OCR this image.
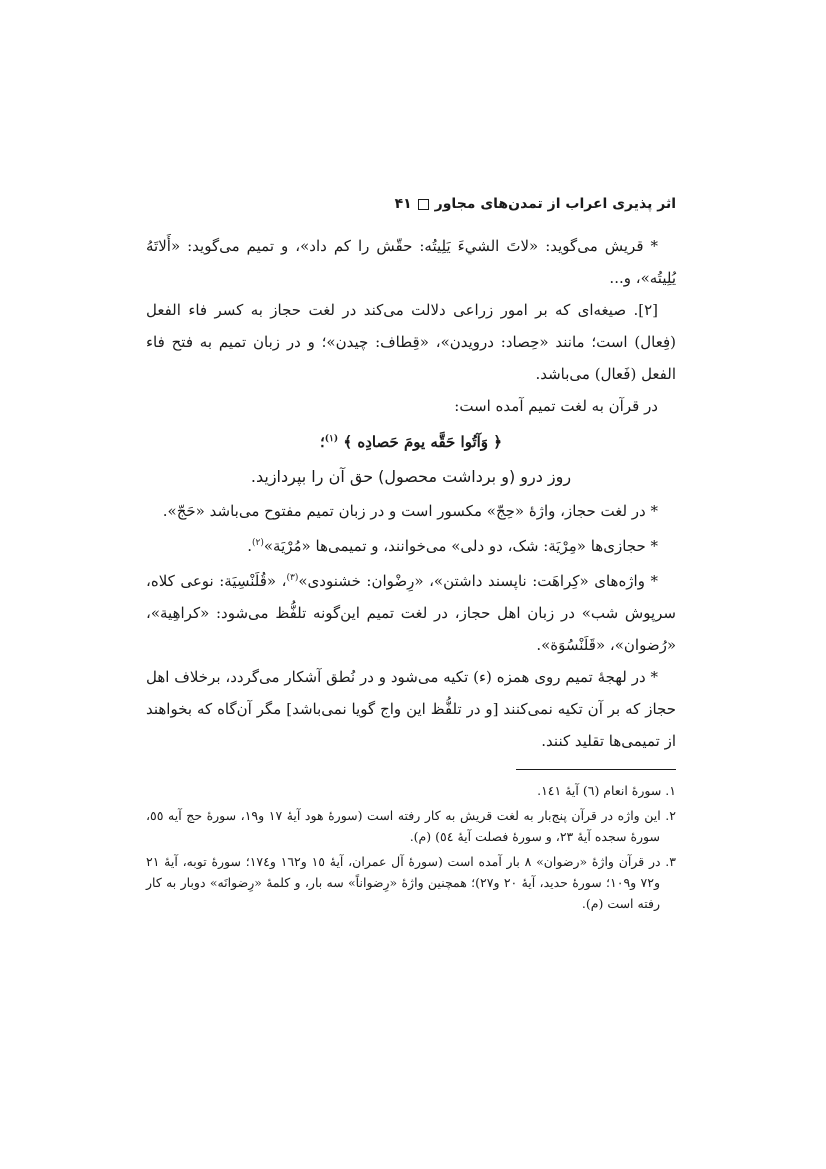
اثر پذیری اعراب از تمدن‌های مجاور
۴۱

* قریش می‌گوید: «لاتَ الشيءَ يَلِيتُه: حقّش را کم داد»، و تمیم می‌گوید: «أَلاتَهُ يُلِيتُه»، و...

[۲]. صیغه‌ای که بر امور زراعی دلالت می‌کند در لغت حجاز به کسر فاء الفعل (فِعال) است؛ مانند «حِصاد: درویدن»، «قِطاف: چیدن»؛ و در زبان تمیم به فتح فاء الفعل (فَعال) می‌باشد.

در قرآن به لغت تمیم آمده است:

﴿ وَآتُوا حَقَّه يومَ حَصادِه ﴾ $^{(۱)}$؛

روز درو (و برداشت محصول) حق آن را بپردازید.

* در لغت حجاز، واژهٔ «حِجّ» مکسور است و در زبان تمیم مفتوح می‌باشد «حَجّ».

* حجازی‌ها «مِرْيَة: شک، دو دلی» می‌خوانند، و تمیمی‌ها «مُرْيَة»$^{(۲)}$.

* واژه‌های «كِراهَت: ناپسند داشتن»، «رِضْوان: خشنودی»$^{(۳)}$، «قُلَنْسِيَة: نوعی کلاه، سرپوش شب» در زبان اهل حجاز، در لغت تمیم این‌گونه تلفُّظ می‌شود: «كراهِية»، «رُضوان»، «قَلَنْسُوَة».

* در لهجهٔ تمیم روی همزه (ء) تکیه می‌شود و در نُطق آشکار می‌گردد، برخلاف اهل حجاز که بر آن تکیه نمی‌کنند [و در تلفُّظ این واج گویا نمی‌باشد] مگر آن‌گاه که بخواهند از تمیمی‌ها تقلید کنند.

۱. سورهٔ انعام (٦) آیهٔ ١٤١.

۲. این واژه در قرآن پنج‌بار به لغت قریش به کار رفته است (سورهٔ هود آیهٔ ١٧ و١٩، سورهٔ حج آیه ٥٥، سورهٔ سجده آیهٔ ٢٣، و سورهٔ فصلت آیهٔ ٥٤) (م).

۳. در قرآن واژهٔ «رضوان» ٨ بار آمده است (سورهٔ آل عمران، آیهٔ ١٥ و١٦٢ و١٧٤؛ سورهٔ توبه، آیهٔ ٢١ و٧٢ و١٠٩؛ سورهٔ حدید، آیهٔ ٢٠ و٢٧)؛ همچنین واژهٔ «رِضواناً» سه بار، و کلمهٔ «رِضوانَه» دوبار به کار رفته است (م).
